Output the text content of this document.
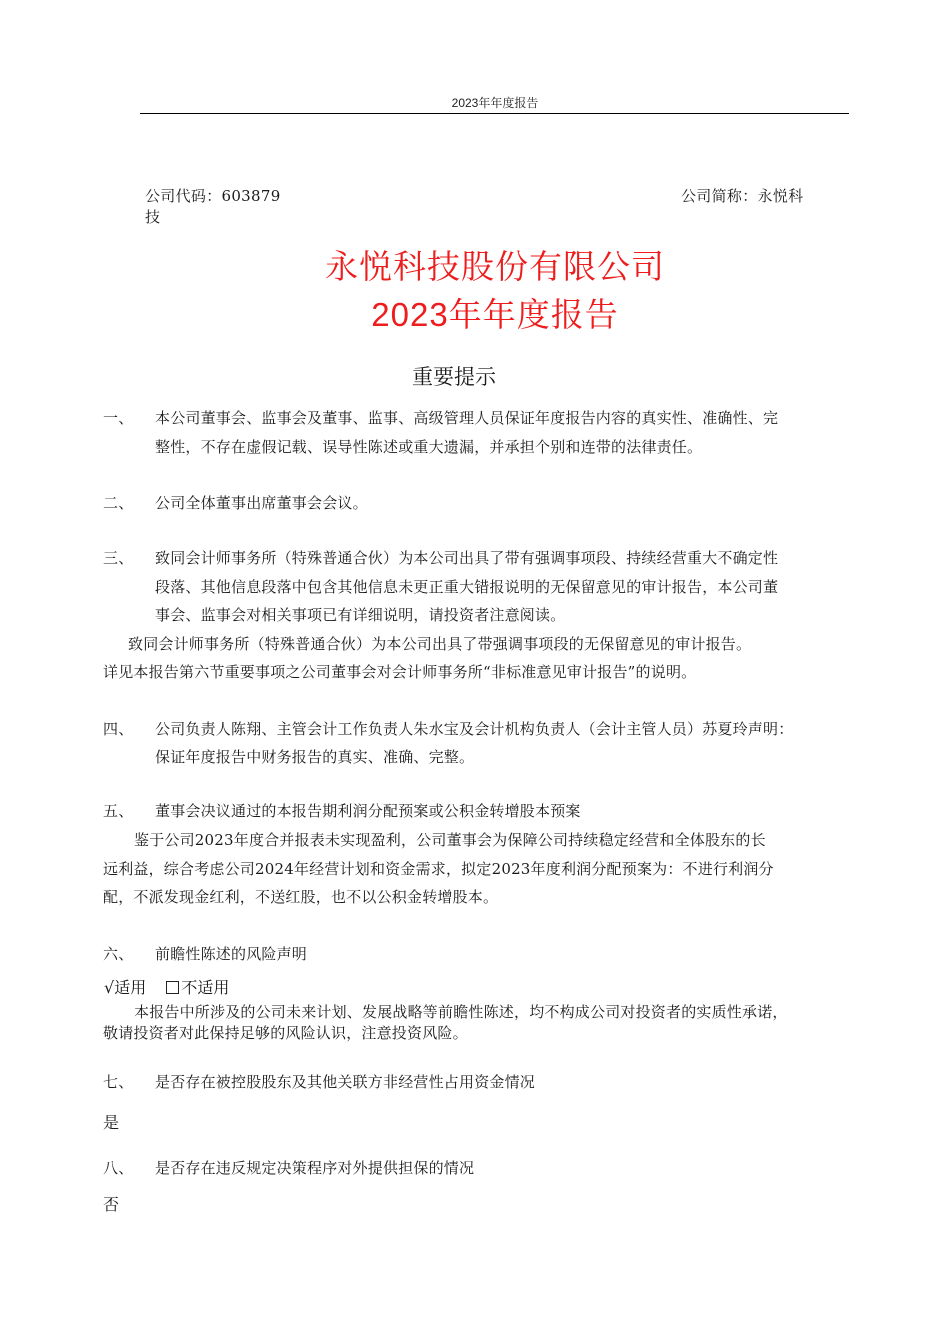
2023年年度报告
公司代码：603879	公司简称：永悦科
技
永悦科技股份有限公司
2023年年度报告
重要提示
一、 本公司董事会、监事会及董事、监事、高级管理人员保证年度报告内容的真实性、准确性、完
整性，不存在虚假记载、误导性陈述或重大遗漏，并承担个别和连带的法律责任。
二、 公司全体董事出席董事会会议。
三、 致同会计师事务所（特殊普通合伙）为本公司出具了带有强调事项段、持续经营重大不确定性
段落、其他信息段落中包含其他信息未更正重大错报说明的无保留意见的审计报告，本公司董
事会、监事会对相关事项已有详细说明，请投资者注意阅读。
致同会计师事务所（特殊普通合伙）为本公司出具了带强调事项段的无保留意见的审计报告。
详见本报告第六节重要事项之公司董事会对会计师事务所“非标准意见审计报告”的说明。
四、 公司负责人陈翔、主管会计工作负责人朱水宝及会计机构负责人（会计主管人员）苏夏玲声明：
保证年度报告中财务报告的真实、准确、完整。
五、 董事会决议通过的本报告期利润分配预案或公积金转增股本预案
鉴于公司2023年度合并报表未实现盈利，公司董事会为保障公司持续稳定经营和全体股东的长
远利益，综合考虑公司2024年经营计划和资金需求，拟定2023年度利润分配预案为：不进行利润分
配，不派发现金红利，不送红股，也不以公积金转增股本。
六、 前瞻性陈述的风险声明
√适用 不适用
本报告中所涉及的公司未来计划、发展战略等前瞻性陈述，均不构成公司对投资者的实质性承诺，
敬请投资者对此保持足够的风险认识，注意投资风险。
七、 是否存在被控股股东及其他关联方非经营性占用资金情况
是
八、 是否存在违反规定决策程序对外提供担保的情况
否
